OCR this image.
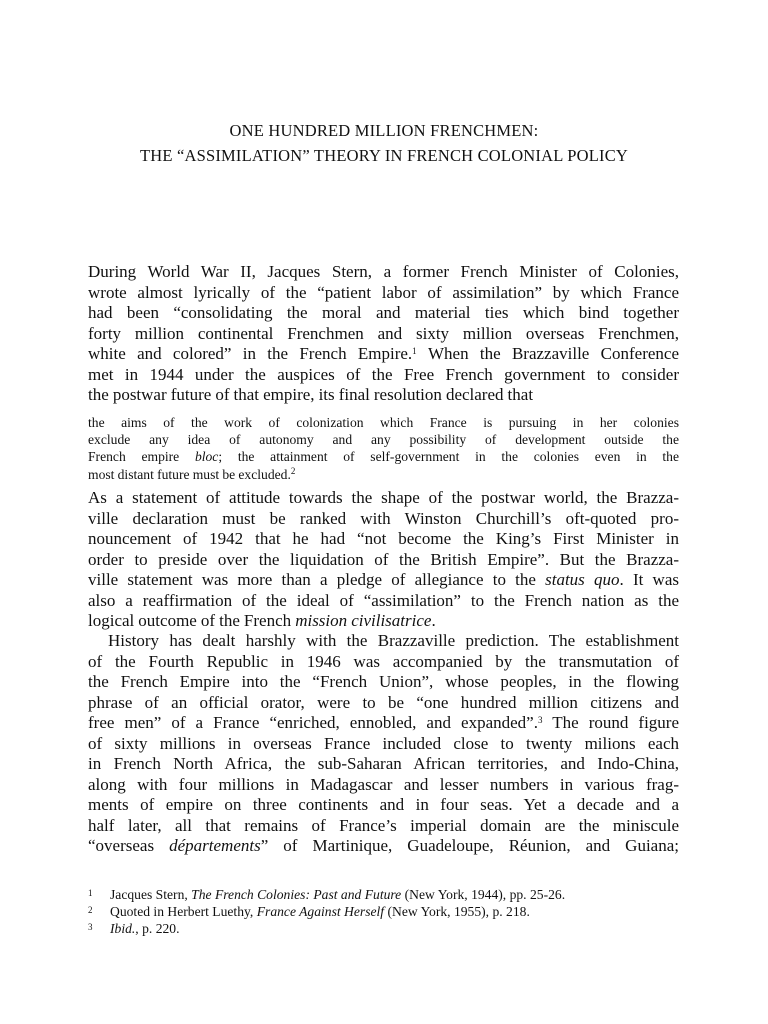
ONE HUNDRED MILLION FRENCHMEN:
THE “ASSIMILATION” THEORY IN FRENCH COLONIAL POLICY

During World War II, Jacques Stern, a former French Minister of Colonies,
wrote almost lyrically of the “patient labor of assimilation” by which France
had been “consolidating the moral and material ties which bind together
forty million continental Frenchmen and sixty million overseas Frenchmen,
white and colored” in the French Empire.$^1$ When the Brazzaville Conference
met in 1944 under the auspices of the Free French government to consider
the postwar future of that empire, its final resolution declared that

the aims of the work of colonization which France is pursuing in her colonies
exclude any idea of autonomy and any possibility of development outside the
French empire bloc; the attainment of self-government in the colonies even in the
most distant future must be excluded.$^2$

As a statement of attitude towards the shape of the postwar world, the Brazza-
ville declaration must be ranked with Winston Churchill’s oft-quoted pro-
nouncement of 1942 that he had “not become the King’s First Minister in
order to preside over the liquidation of the British Empire”. But the Brazza-
ville statement was more than a pledge of allegiance to the status quo. It was
also a reaffirmation of the ideal of “assimilation” to the French nation as the
logical outcome of the French mission civilisatrice.

History has dealt harshly with the Brazzaville prediction. The establishment
of the Fourth Republic in 1946 was accompanied by the transmutation of
the French Empire into the “French Union”, whose peoples, in the flowing
phrase of an official orator, were to be “one hundred million citizens and
free men” of a France “enriched, ennobled, and expanded”.$^3$ The round figure
of sixty millions in overseas France included close to twenty milions each
in French North Africa, the sub-Saharan African territories, and Indo-China,
along with four millions in Madagascar and lesser numbers in various frag-
ments of empire on three continents and in four seas. Yet a decade and a
half later, all that remains of France’s imperial domain are the miniscule
“overseas départements” of Martinique, Guadeloupe, Réunion, and Guiana;

1	Jacques Stern, The French Colonies: Past and Future (New York, 1944), pp. 25-26.
2	Quoted in Herbert Luethy, France Against Herself (New York, 1955), p. 218.
3	Ibid., p. 220.
